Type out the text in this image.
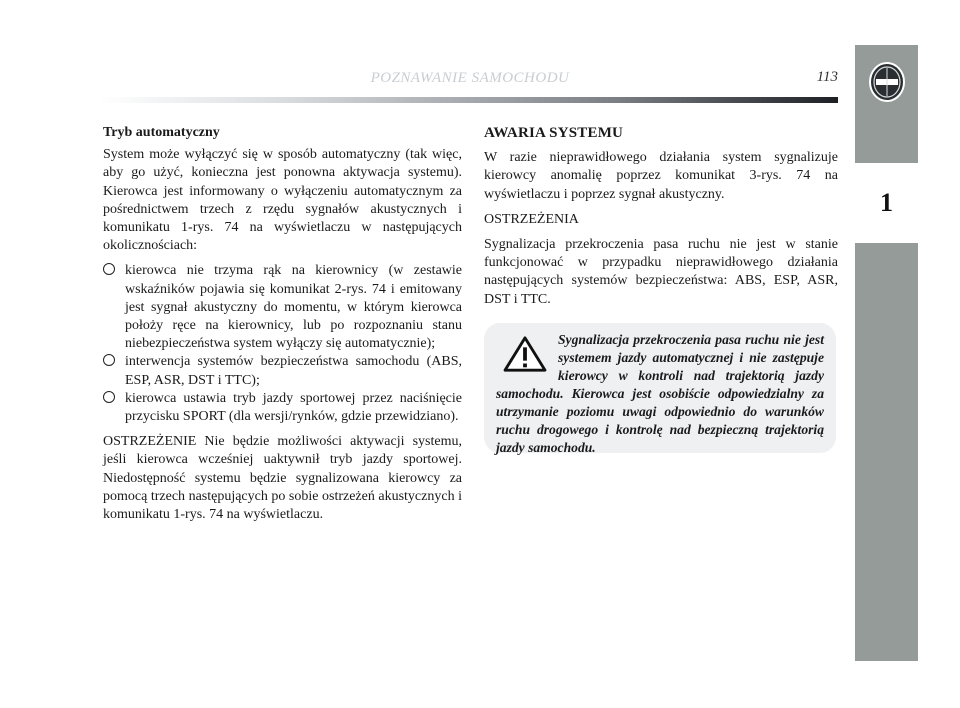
POZNAWANIE SAMOCHODU	113
1
Tryb automatyczny

System może wyłączyć się w sposób automatyczny (tak więc, aby go użyć, konieczna jest ponowna aktywacja systemu). Kierowca jest informowany o wyłączeniu automatycznym za pośrednictwem trzech z rzędu sygnałów akustycznych i komunikatu 1-rys. 74 na wyświetlaczu w następujących okolicznościach:

kierowca nie trzyma rąk na kierownicy (w zestawie wskaźników pojawia się komunikat 2-rys. 74 i emitowany jest sygnał akustyczny do momentu, w którym kierowca położy ręce na kierownicy, lub po rozpoznaniu stanu niebezpieczeństwa system wyłączy się automatycznie);
interwencja systemów bezpieczeństwa samochodu (ABS, ESP, ASR, DST i TTC);
kierowca ustawia tryb jazdy sportowej przez naciśnięcie przycisku SPORT (dla wersji/rynków, gdzie przewidziano).

OSTRZEŻENIE Nie będzie możliwości aktywacji systemu, jeśli kierowca wcześniej uaktywnił tryb jazdy sportowej. Niedostępność systemu będzie sygnalizowana kierowcy za pomocą trzech następujących po sobie ostrzeżeń akustycznych i komunikatu 1-rys. 74 na wyświetlaczu.

AWARIA SYSTEMU

W razie nieprawidłowego działania system sygnalizuje kierowcy anomalię poprzez komunikat 3-rys. 74 na wyświetlaczu i poprzez sygnał akustyczny.

OSTRZEŻENIA

Sygnalizacja przekroczenia pasa ruchu nie jest w stanie funkcjonować w przypadku nieprawidłowego działania następujących systemów bezpieczeństwa: ABS, ESP, ASR, DST i TTC.

Sygnalizacja przekroczenia pasa ruchu nie jest systemem jazdy automatycznej i nie zastępuje kierowcy w kontroli nad trajektorią jazdy samochodu. Kierowca jest osobiście odpowiedzialny za utrzymanie poziomu uwagi odpowiednio do warunków ruchu drogowego i kontrolę nad bezpieczną trajektorią jazdy samochodu.
